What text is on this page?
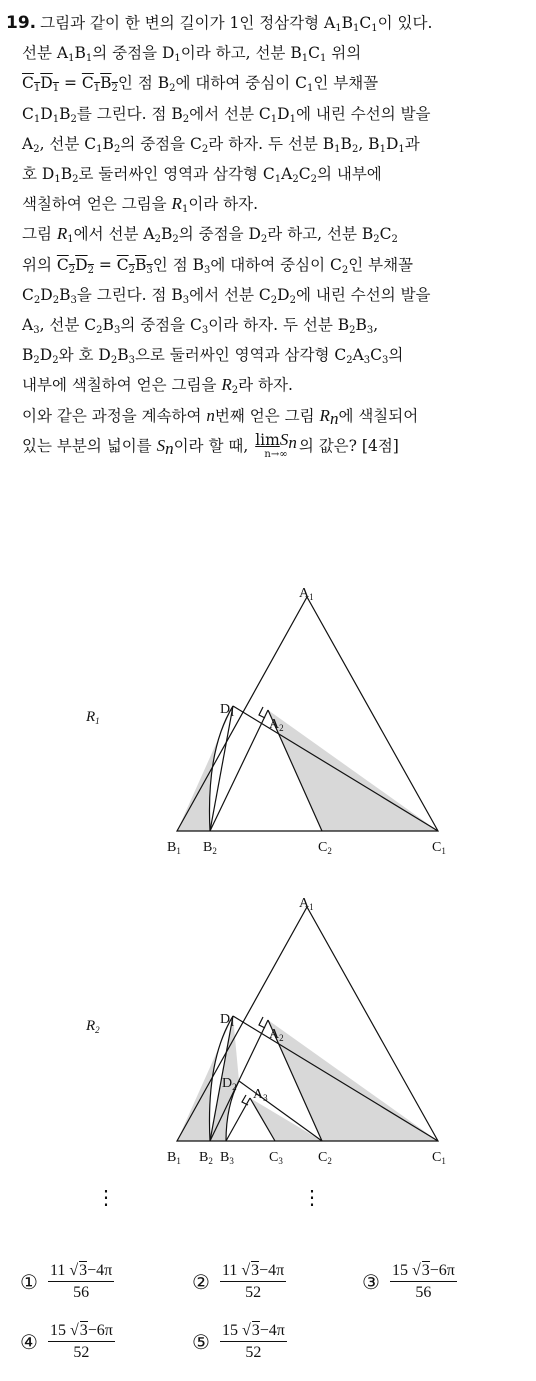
19. 그림과 같이 한 변의 길이가 1인 정삼각형 $A_1B_1C_1$이 있다.
선분 $A_1B_1$의 중점을 $D_1$이라 하고, 선분 $B_1C_1$ 위의
$C_1D_1 = C_1B_2$인 점 $B_2$에 대하여 중심이 $C_1$인 부채꼴
$C_1D_1B_2$를 그린다. 점 $B_2$에서 선분 $C_1D_1$에 내린 수선의 발을
$A_2$, 선분 $C_1B_2$의 중점을 $C_2$라 하자. 두 선분 $B_1B_2$, $B_1D_1$과
호 $D_1B_2$로 둘러싸인 영역과 삼각형 $C_1A_2C_2$의 내부에
색칠하여 얻은 그림을 $R_1$이라 하자.
그림 $R_1$에서 선분 $A_2B_2$의 중점을 $D_2$라 하고, 선분 $B_2C_2$
위의 $C_2D_2 = C_2B_3$인 점 $B_3$에 대하여 중심이 $C_2$인 부채꼴
$C_2D_2B_3$을 그린다. 점 $B_3$에서 선분 $C_2D_2$에 내린 수선의 발을
$A_3$, 선분 $C_2B_3$의 중점을 $C_3$이라 하자. 두 선분 $B_2B_3$,
$B_2D_2$와 호 $D_2B_3$으로 둘러싸인 영역과 삼각형 $C_2A_3C_3$의
내부에 색칠하여 얻은 그림을 $R_2$라 하자.
이와 같은 과정을 계속하여 n번째 얻은 그림 $R_n$에 색칠되어
있는 부분의 넓이를 $S_n$이라 할 때, limS$_n$
n→∞ 의 값은? [4점]
$R_1$
$A_1$
$D_1$
$A_2$
$B_1$ $B_2$	$C_2$	$C_1$
$R_2$
$A_1$
$D_1$
$A_2$
$D_2$ $A_3$
$B_1$ $B_2$ $B_3$	$C_3$	$C_2$	$C_1$
⋮	⋮
① $\frac{11 √3-4\pi}{56}$	② $\frac{11 √3-4\pi}{52}$	③ $\frac{15 √3-6\pi}{56}$
④ $\frac{15 √3-6\pi}{52}$	⑤ $\frac{15 √3-4\pi}{52}$
